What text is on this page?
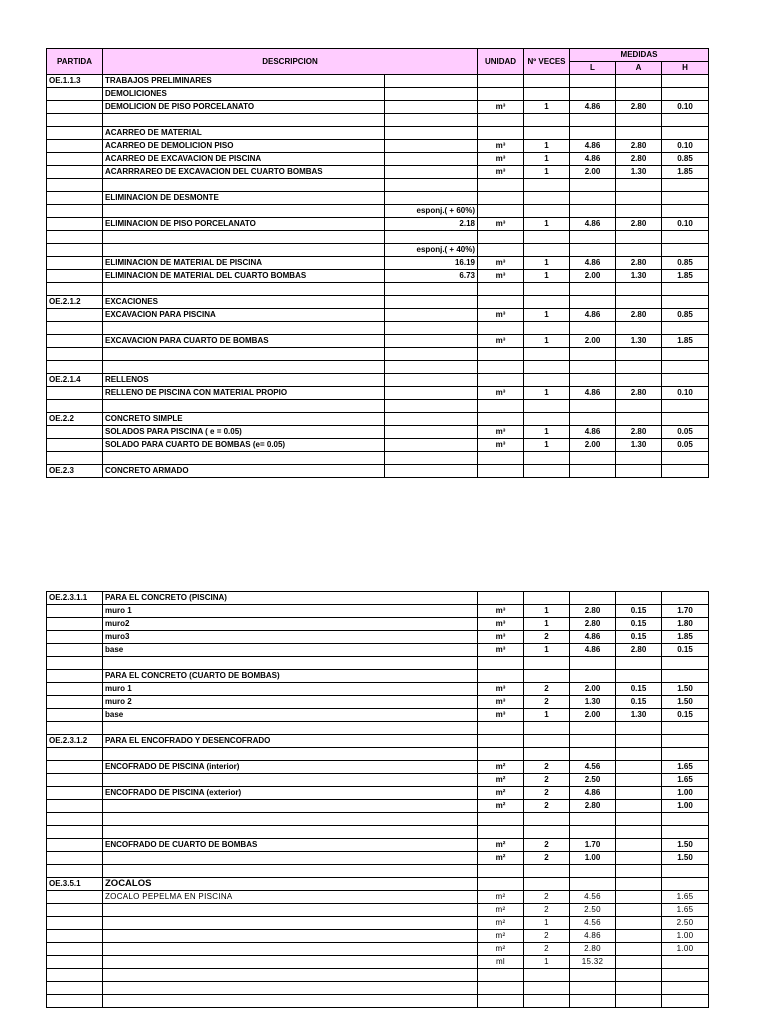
PARTIDA	DESCRIPCION		UNIDAD	Nº VECES	MEDIDAS		
					L	A	H
OE.1.1.3	TRABAJOS PRELIMINARES						
	DEMOLICIONES						
	DEMOLICION DE PISO PORCELANATO		m³	1	4.86	2.80	0.10

	ACARREO DE MATERIAL						
	ACARREO DE DEMOLICION PISO		m³	1	4.86	2.80	0.10
	ACARREO DE EXCAVACION DE PISCINA		m³	1	4.86	2.80	0.85
	ACARRRAREO DE EXCAVACION DEL CUARTO BOMBAS		m³	1	2.00	1.30	1.85

	ELIMINACION DE DESMONTE						
		esponj.( + 60%)					
	ELIMINACION DE PISO PORCELANATO	2.18	m³	1	4.86	2.80	0.10

		esponj.( + 40%)					
	ELIMINACION DE MATERIAL DE PISCINA	16.19	m³	1	4.86	2.80	0.85
	ELIMINACION DE MATERIAL DEL CUARTO BOMBAS	6.73	m³	1	2.00	1.30	1.85

OE.2.1.2	EXCACIONES						
	EXCAVACION PARA PISCINA		m³	1	4.86	2.80	0.85

	EXCAVACION PARA CUARTO DE BOMBAS		m³	1	2.00	1.30	1.85

OE.2.1.4	RELLENOS						
	RELLENO DE PISCINA CON MATERIAL PROPIO		m³	1	4.86	2.80	0.10

OE.2.2	CONCRETO SIMPLE						
	SOLADOS PARA PISCINA ( e = 0.05)		m³	1	4.86	2.80	0.05
	SOLADO PARA CUARTO DE BOMBAS (e= 0.05)		m³	1	2.00	1.30	0.05

OE.2.3	CONCRETO ARMADO						
OE.2.3.1.1	PARA EL CONCRETO (PISCINA)					
	muro 1	m³	1	2.80	0.15	1.70
	muro2	m³	1	2.80	0.15	1.80
	muro3	m³	2	4.86	0.15	1.85
	base	m³	1	4.86	2.80	0.15

	PARA EL CONCRETO (CUARTO DE BOMBAS)					
	muro 1	m³	2	2.00	0.15	1.50
	muro 2	m³	2	1.30	0.15	1.50
	base	m³	1	2.00	1.30	0.15

OE.2.3.1.2	PARA EL ENCOFRADO Y DESENCOFRADO					

	ENCOFRADO DE PISCINA (interior)	m²	2	4.56		1.65
		m²	2	2.50		1.65
	ENCOFRADO DE PISCINA (exterior)	m²	2	4.86		1.00
		m²	2	2.80		1.00

	ENCOFRADO DE CUARTO DE BOMBAS	m²	2	1.70		1.50
		m²	2	1.00		1.50

OE.3.5.1	ZOCALOS					
	ZOCALO PEPELMA EN PISCINA	m²	2	4.56		1.65
		m²	2	2.50		1.65
		m²	1	4.56		2.50
		m²	2	4.86		1.00
		m²	2	2.80		1.00
		ml	1	15.32		
